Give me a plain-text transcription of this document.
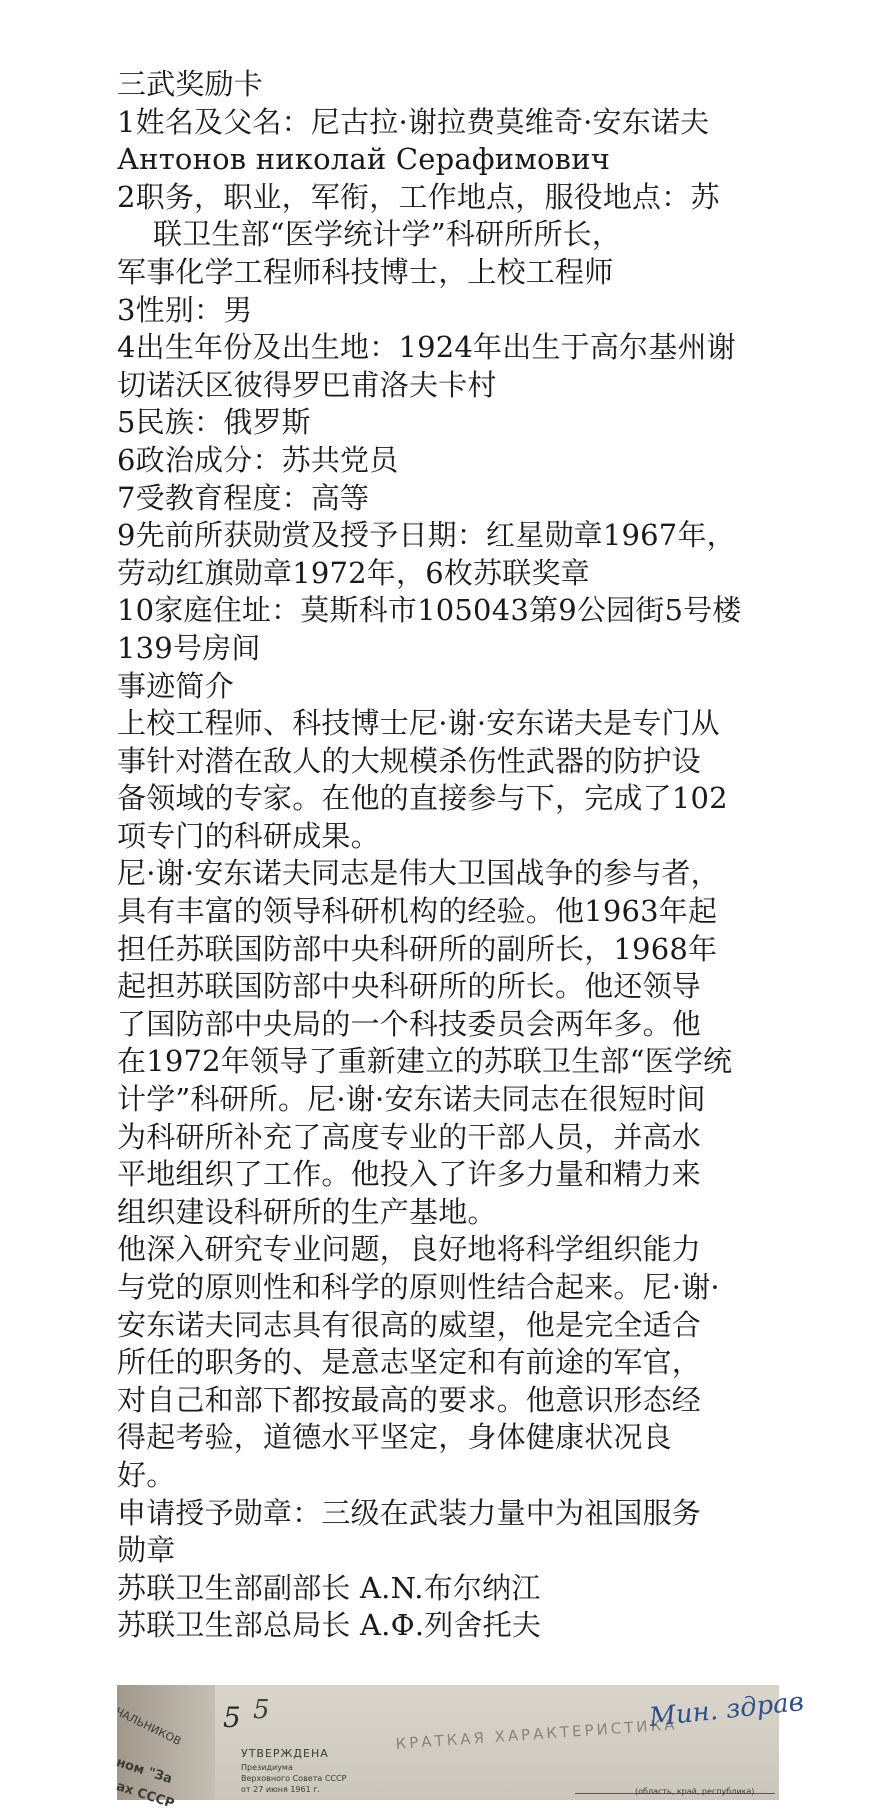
三武奖励卡
1姓名及父名：尼古拉·谢拉费莫维奇·安东诺夫
Антонов николай Серафимович
2职务，职业，军衔，工作地点，服役地点：苏
联卫生部“医学统计学”科研所所长，
军事化学工程师科技博士，上校工程师
3性别：男
4出生年份及出生地：1924年出生于高尔基州谢
切诺沃区彼得罗巴甫洛夫卡村
5民族：俄罗斯
6政治成分：苏共党员
7受教育程度：高等
9先前所获勋赏及授予日期：红星勋章1967年，
劳动红旗勋章1972年，6枚苏联奖章
10家庭住址：莫斯科市105043第9公园街5号楼
139号房间
事迹简介
上校工程师、科技博士尼·谢·安东诺夫是专门从
事针对潜在敌人的大规模杀伤性武器的防护设
备领域的专家。在他的直接参与下，完成了102
项专门的科研成果。
尼·谢·安东诺夫同志是伟大卫国战争的参与者，
具有丰富的领导科研机构的经验。他1963年起
担任苏联国防部中央科研所的副所长，1968年
起担苏联国防部中央科研所的所长。他还领导
了国防部中央局的一个科技委员会两年多。他
在1972年领导了重新建立的苏联卫生部“医学统
计学”科研所。尼·谢·安东诺夫同志在很短时间
为科研所补充了高度专业的干部人员，并高水
平地组织了工作。他投入了许多力量和精力来
组织建设科研所的生产基地。
他深入研究专业问题，良好地将科学组织能力
与党的原则性和科学的原则性结合起来。尼·谢·
安东诺夫同志具有很高的威望，他是完全适合
所任的职务的、是意志坚定和有前途的军官，
对自己和部下都按最高的要求。他意识形态经
得起考验，道德水平坚定，身体健康状况良
好。
申请授予勋章：三级在武装力量中为祖国服务
勋章
苏联卫生部副部长 A.N.布尔纳江
苏联卫生部总局长 A.Ф.列舍托夫
ЧАЛЬНИКОВ
ном "За
ах СССР
5 5
УТВЕРЖДЕНА
Президиума
Верховного Совета СССР
от 27 июня 1961 г.
КРАТКАЯ ХАРАКТЕРИСТИКА
Мин. здрав
(область, край, республика)
